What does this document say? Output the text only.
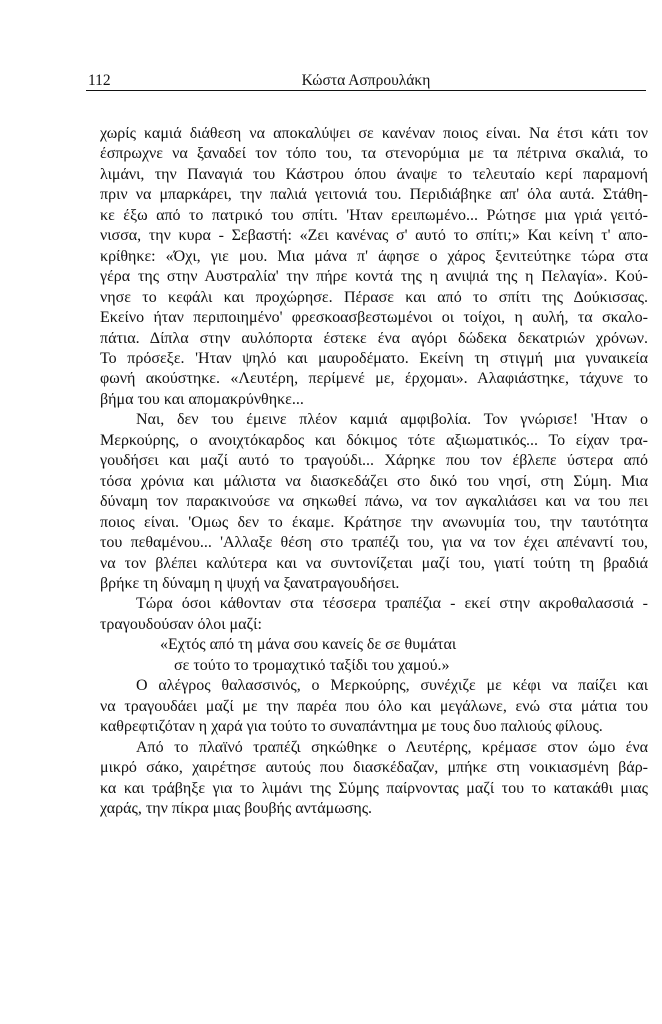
112	Κώστα Ασπρουλάκη
χωρίς καμιά διάθεση να αποκαλύψει σε κανέναν ποιος είναι. Να έτσι κάτι τον
έσπρωχνε να ξαναδεί τον τόπο του, τα στενορύμια με τα πέτρινα σκαλιά, το
λιμάνι, την Παναγιά του Κάστρου όπου άναψε το τελευταίο κερί παραμονή
πριν να μπαρκάρει, την παλιά γειτονιά του. Περιδιάβηκε απ' όλα αυτά. Στάθη-
κε έξω από το πατρικό του σπίτι. 'Ηταν ερειπωμένο... Ρώτησε μια γριά γειτό-
νισσα, την κυρα - Σεβαστή: «Ζει κανένας σ' αυτό το σπίτι;» Και κείνη τ' απο-
κρίθηκε: «Όχι, γιε μου. Μια μάνα π' άφησε ο χάρος ξενιτεύτηκε τώρα στα
γέρα της στην Αυστραλία' την πήρε κοντά της η ανιψιά της η Πελαγία». Κού-
νησε το κεφάλι και προχώρησε. Πέρασε και από το σπίτι της Δούκισσας.
Εκείνο ήταν περιποιημένο' φρεσκοασβεστωμένοι οι τοίχοι, η αυλή, τα σκαλο-
πάτια. Δίπλα στην αυλόπορτα έστεκε ένα αγόρι δώδεκα δεκατριών χρόνων.
Το πρόσεξε. 'Ηταν ψηλό και μαυροδέματο. Εκείνη τη στιγμή μια γυναικεία
φωνή ακούστηκε. «Λευτέρη, περίμενέ με, έρχομαι». Αλαφιάστηκε, τάχυνε το
βήμα του και απομακρύνθηκε...
Ναι, δεν του έμεινε πλέον καμιά αμφιβολία. Τον γνώρισε! 'Ηταν ο
Μερκούρης, ο ανοιχτόκαρδος και δόκιμος τότε αξιωματικός... Το είχαν τρα-
γουδήσει και μαζί αυτό το τραγούδι... Χάρηκε που τον έβλεπε ύστερα από
τόσα χρόνια και μάλιστα να διασκεδάζει στο δικό του νησί, στη Σύμη. Μια
δύναμη τον παρακινούσε να σηκωθεί πάνω, να τον αγκαλιάσει και να του πει
ποιος είναι. 'Ομως δεν το έκαμε. Κράτησε την ανωνυμία του, την ταυτότητα
του πεθαμένου... 'Αλλαξε θέση στο τραπέζι του, για να τον έχει απέναντί του,
να τον βλέπει καλύτερα και να συντονίζεται μαζί του, γιατί τούτη τη βραδιά
βρήκε τη δύναμη η ψυχή να ξανατραγουδήσει.
Τώρα όσοι κάθονταν στα τέσσερα τραπέζια - εκεί στην ακροθαλασσιά -
τραγουδούσαν όλοι μαζί:
«Εχτός από τη μάνα σου κανείς δε σε θυμάται
σε τούτο το τρομαχτικό ταξίδι του χαμού.»
Ο αλέγρος θαλασσινός, ο Μερκούρης, συνέχιζε με κέφι να παίζει και
να τραγουδάει μαζί με την παρέα που όλο και μεγάλωνε, ενώ στα μάτια του
καθρεφτιζόταν η χαρά για τούτο το συναπάντημα με τους δυο παλιούς φίλους.
Από το πλαϊνό τραπέζι σηκώθηκε ο Λευτέρης, κρέμασε στον ώμο ένα
μικρό σάκο, χαιρέτησε αυτούς που διασκέδαζαν, μπήκε στη νοικιασμένη βάρ-
κα και τράβηξε για το λιμάνι της Σύμης παίρνοντας μαζί του το κατακάθι μιας
χαράς, την πίκρα μιας βουβής αντάμωσης.
